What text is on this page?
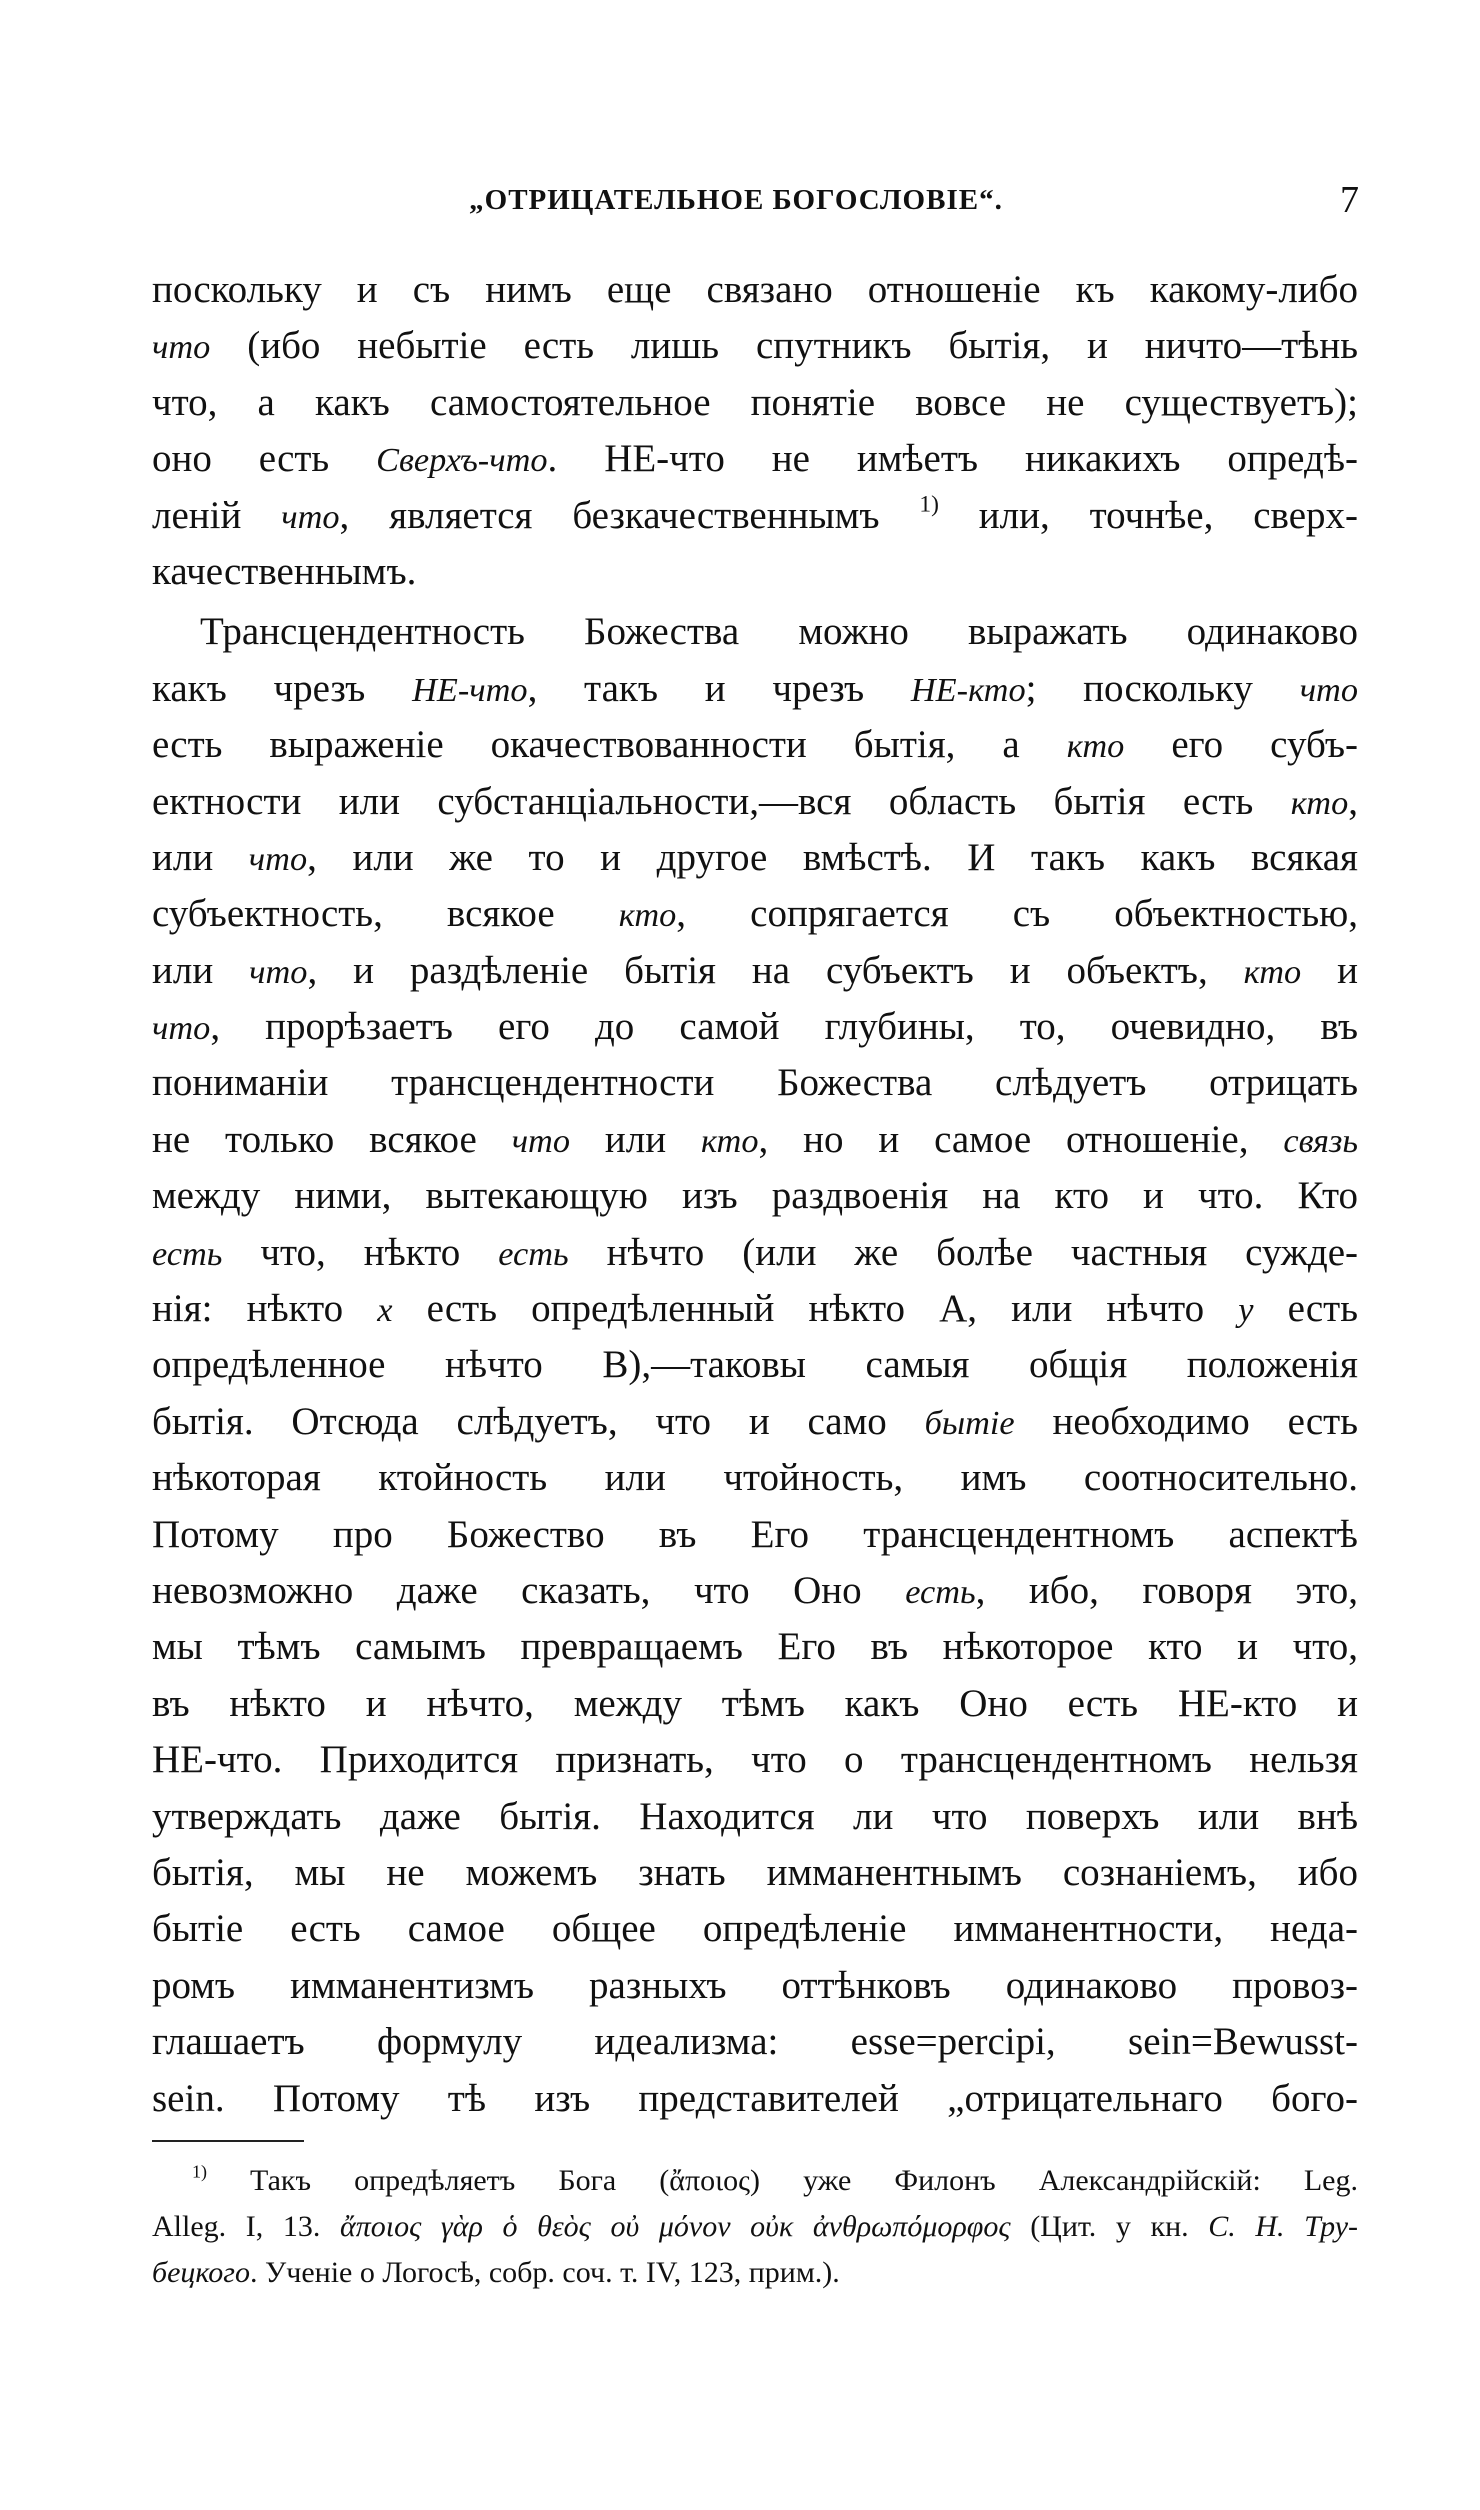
„ОТРИЦАТЕЛЬНОЕ БОГОСЛОВІЕ“.	7
поскольку и съ нимъ еще связано отношеніе къ какому-либо
что (ибо небытіе есть лишь спутникъ бытія, и ничто—тѣнь
что, а какъ самостоятельное понятіе вовсе не существуетъ);
оно есть Сверхъ-что. НЕ-что не имѣетъ никакихъ опредѣ-
леній что, является безкачественнымъ $^{1)}$ или, точнѣе, сверх-
качественнымъ.
Трансцендентность Божества можно выражать одинаково
какъ чрезъ НЕ-что, такъ и чрезъ НЕ-кто; поскольку что
есть выраженіе окачествованности бытія, а кто его субъ-
ектности или субстанціальности,—вся область бытія есть кто,
или что, или же то и другое вмѣстѣ. И такъ какъ всякая
субъектность, всякое кто, сопрягается съ объектностью,
или что, и раздѣленіе бытія на субъектъ и объектъ, кто и
что, прорѣзаетъ его до самой глубины, то, очевидно, въ
пониманіи трансцендентности Божества слѣдуетъ отрицать
не только всякое что или кто, но и самое отношеніе, связь
между ними, вытекающую изъ раздвоенія на кто и что. Кто
есть что, нѣкто есть нѣчто (или же болѣе частныя сужде-
нія: нѣкто x есть опредѣленный нѣкто А, или нѣчто y есть
опредѣленное нѣчто В),—таковы самыя общія положенія
бытія. Отсюда слѣдуетъ, что и само бытіе необходимо есть
нѣкоторая ктойность или чтойность, имъ соотносительно.
Потому про Божество въ Его трансцендентномъ аспектѣ
невозможно даже сказать, что Оно есть, ибо, говоря это,
мы тѣмъ самымъ превращаемъ Его въ нѣкоторое кто и что,
въ нѣкто и нѣчто, между тѣмъ какъ Оно есть НЕ-кто и
НЕ-что. Приходится признать, что о трансцендентномъ нельзя
утверждать даже бытія. Находится ли что поверхъ или внѣ
бытія, мы не можемъ знать имманентнымъ сознаніемъ, ибо
бытіе есть самое общее опредѣленіе имманентности, неда-
ромъ имманентизмъ разныхъ оттѣнковъ одинаково провоз-
глашаетъ формулу идеализма: esse=percipi, sein=Bewusst-
sein. Потому тѣ изъ представителей „отрицательнаго бого-
$^{1)}$ Такъ опредѣляетъ Бога (ἄποιος) уже Филонъ Александрійскій: Leg.
Alleg. I, 13. ἄποιος γὰρ ὁ θεὸς οὐ μόνον οὐκ ἀνθρωπόμορφος (Цит. у кн. С. Н. Тру-
бецкого. Ученіе о Логосѣ, собр. соч. т. IV, 123, прим.).
